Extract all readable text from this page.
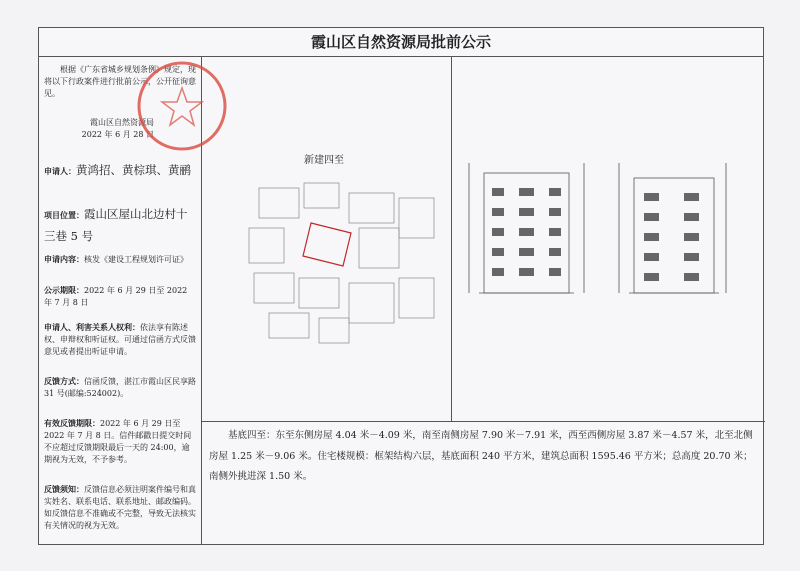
霞山区自然资源局批前公示

根据《广东省城乡规划条例》规定，现将以下行政案件进行批前公示，公开征询意见。

霞山区自然资源局

2022 年 6 月 28 日

申请人：黄鸿招、黄棕琪、黄鹂

项目位置：霞山区屋山北边村十三巷 5 号

申请内容：核发《建设工程规划许可证》

公示期限：2022 年 6 月 29 日至 2022 年 7 月 8 日

申请人、利害关系人权利：依法享有陈述权、申辩权和听证权。可通过信函方式反馈意见或者提出听证申请。

反馈方式：信函反馈，湛江市霞山区民享路 31 号(邮编:524002)。

有效反馈期限：2022 年 6 月 29 日至 2022 年 7 月 8 日。信件邮戳日提交时间不应超过反馈期限最后一天的 24:00，逾期视为无效，不予参考。

反馈须知：反馈信息必须注明案件编号和真实姓名、联系电话、联系地址、邮政编码。如反馈信息不准确或不完整，导致无法核实有关情况的视为无效。

新建四至
基底四至：东至东侧房屋 4.04 米－4.09 米，南至南侧房屋 7.90 米－7.91 米，西至西侧房屋 3.87 米－4.57 米，北至北侧房屋 1.25 米－9.06 米。住宅楼规模：框架结构六层，基底面积 240 平方米，建筑总面积 1595.46 平方米；总高度 20.70 米；南侧外挑进深 1.50 米。
